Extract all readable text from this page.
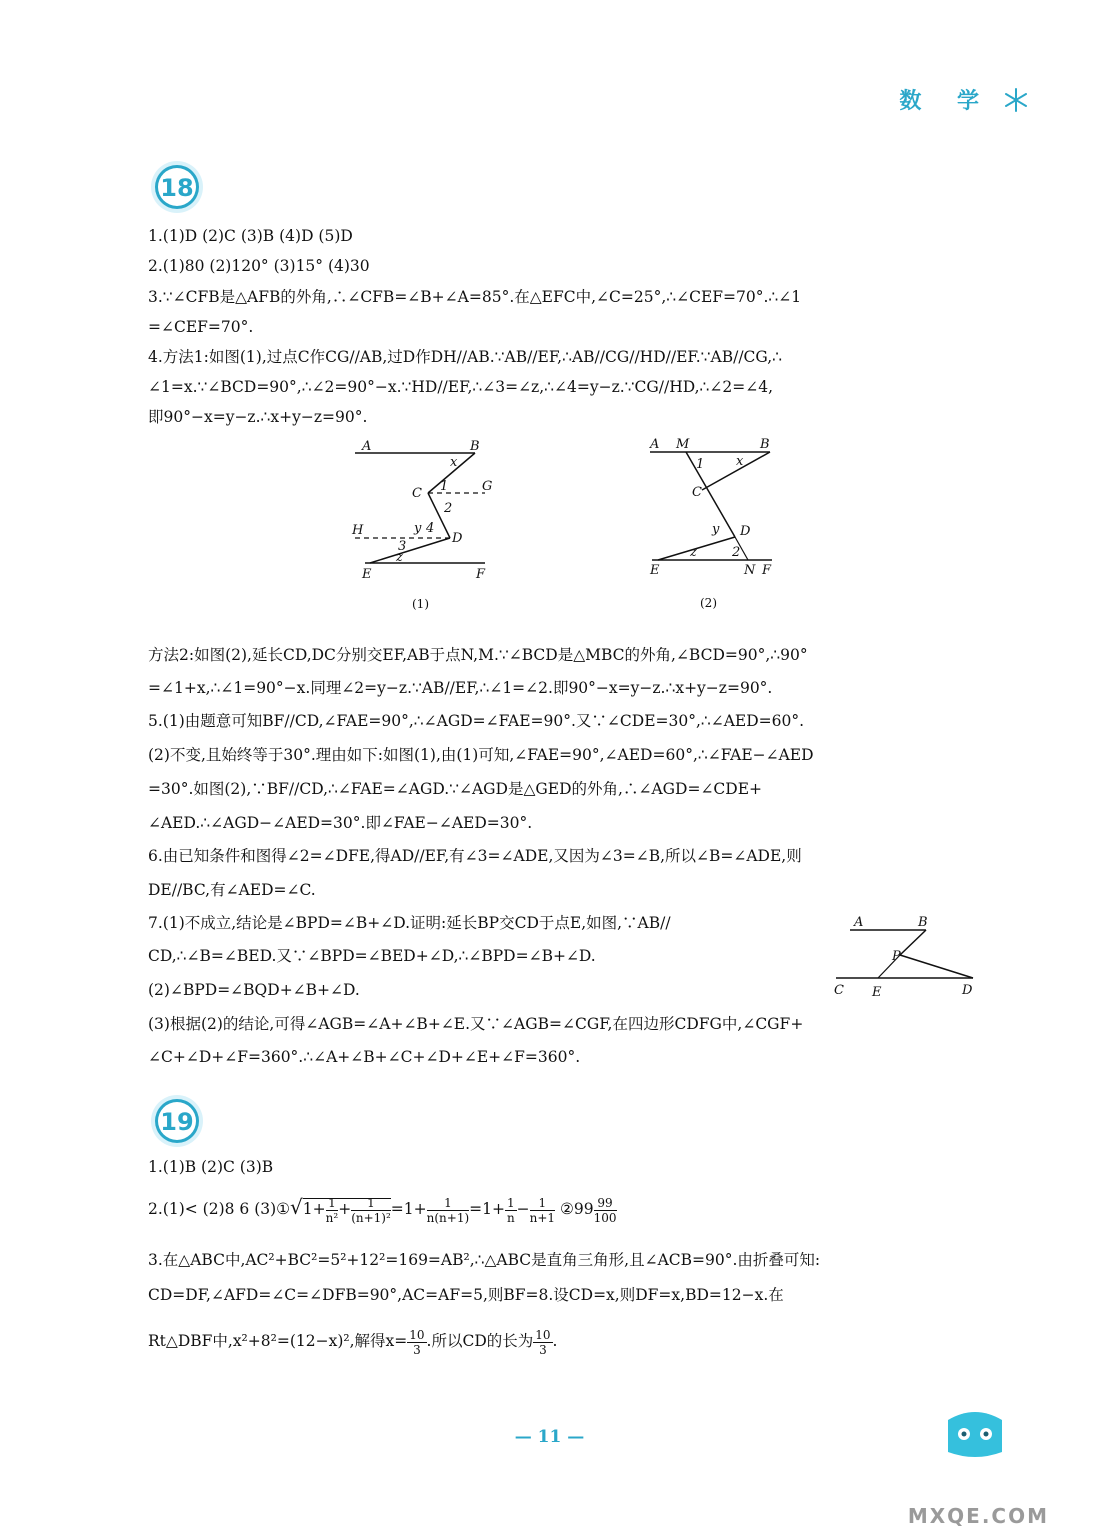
数 学
18
1.(1)D (2)C (3)B (4)D (5)D
2.(1)80 (2)120° (3)15° (4)30
3.∵∠CFB是△AFB的外角,∴∠CFB=∠B+∠A=85°.在△EFC中,∠C=25°,∴∠CEF=70°.∴∠1
=∠CEF=70°.
4.方法1:如图(1),过点C作CG//AB,过D作DH//AB.∵AB//EF,∴AB//CG//HD//EF.∵AB//CG,∴
∠1=x.∵∠BCD=90°,∴∠2=90°−x.∵HD//EF,∴∠3=∠z,∴∠4=y−z.∵CG//HD,∴∠2=∠4,
即90°−x=y−z.∴x+y−z=90°.
A	B
x
C 1	G
2
H	y 4
D
3
z
E	F
(1)
A M	B
1 x
C
y D
z	2
E	N F
(2)
方法2:如图(2),延长CD,DC分别交EF,AB于点N,M.∵∠BCD是△MBC的外角,∠BCD=90°,∴90°
=∠1+x,∴∠1=90°−x.同理∠2=y−z.∵AB//EF,∴∠1=∠2.即90°−x=y−z.∴x+y−z=90°.
5.(1)由题意可知BF//CD,∠FAE=90°,∴∠AGD=∠FAE=90°.又∵∠CDE=30°,∴∠AED=60°.
(2)不变,且始终等于30°.理由如下:如图(1),由(1)可知,∠FAE=90°,∠AED=60°,∴∠FAE−∠AED
=30°.如图(2),∵BF//CD,∴∠FAE=∠AGD.∵∠AGD是△GED的外角,∴∠AGD=∠CDE+
∠AED.∴∠AGD−∠AED=30°.即∠FAE−∠AED=30°.
6.由已知条件和图得∠2=∠DFE,得AD//EF,有∠3=∠ADE,又因为∠3=∠B,所以∠B=∠ADE,则
DE//BC,有∠AED=∠C.
7.(1)不成立,结论是∠BPD=∠B+∠D.证明:延长BP交CD于点E,如图,∵AB//
CD,∴∠B=∠BED.又∵∠BPD=∠BED+∠D,∴∠BPD=∠B+∠D.
(2)∠BPD=∠BQD+∠B+∠D.
(3)根据(2)的结论,可得∠AGB=∠A+∠B+∠E.又∵∠AGB=∠CGF,在四边形CDFG中,∠CGF+
∠C+∠D+∠F=360°.∴∠A+∠B+∠C+∠D+∠E+∠F=360°.
A	B
P
C E	D
19
1.(1)B (2)C (3)B
2.(1)< (2)8 6 (3)①√1+ $\frac{1}{\text{n²}} + \frac{1}{\text{(n+1)²}} =1+ \frac{1}{n(n+1)} =1+ \frac{1}{n} - \frac{1}{n+1}$ ②99 $\frac{99}{100}$
3.在△ABC中,AC²+BC²=5²+12²=169=AB²,∴△ABC是直角三角形,且∠ACB=90°.由折叠可知:
CD=DF,∠AFD=∠C=∠DFB=90°,AC=AF=5,则BF=8.设CD=x,则DF=x,BD=12−x.在
Rt△DBF中,x²+8²=(12−x)²,解得$x= \frac{10}{3}$ .所以CD的长为 $\frac{10}{3}$ .
— 11 —
MXQE.COM
